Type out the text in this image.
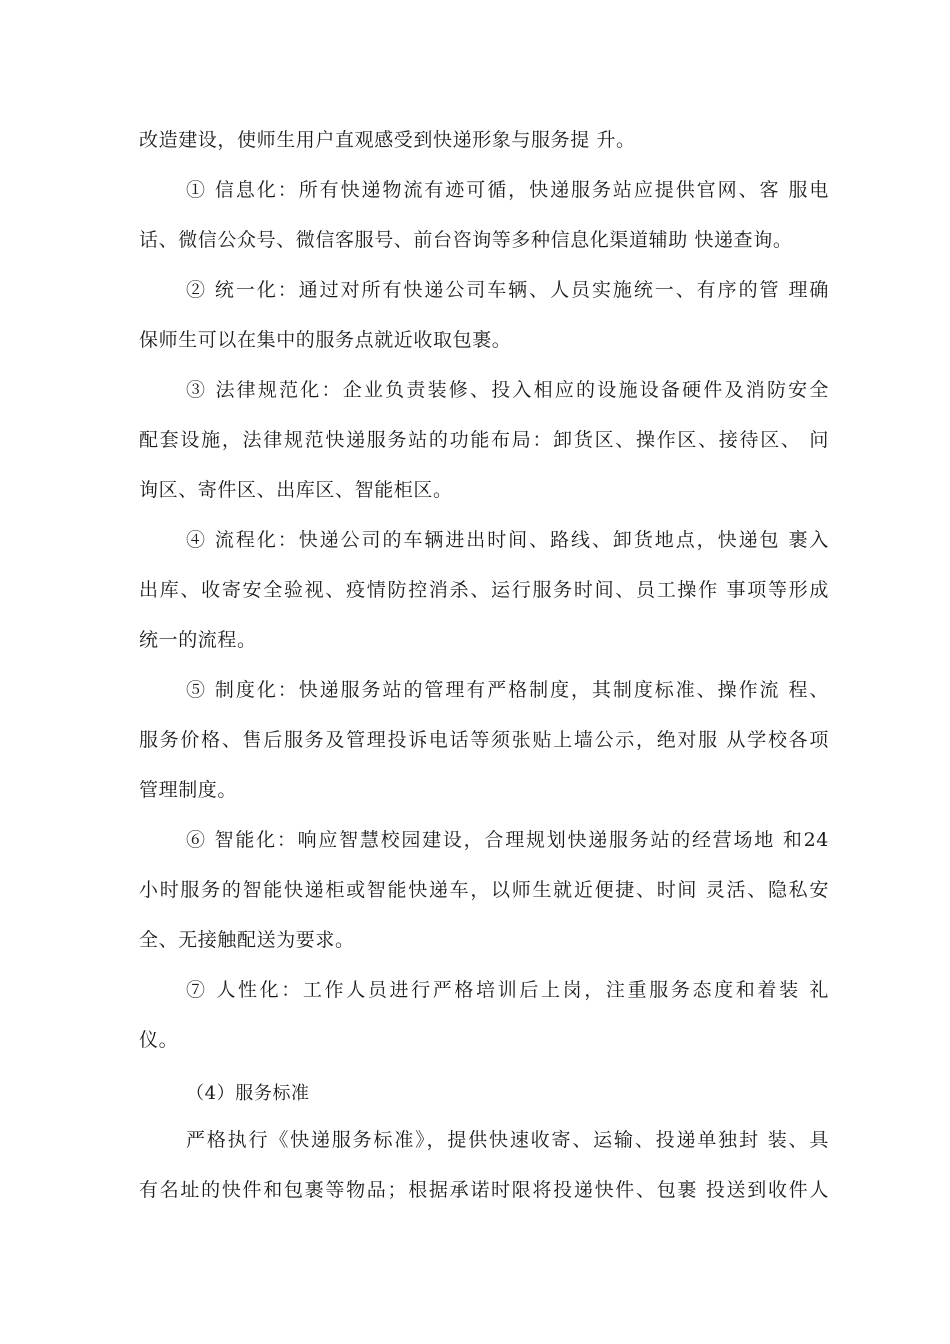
改造建设，使师生用户直观感受到快递形象与服务提 升。
① 信息化：所有快递物流有迹可循，快递服务站应提供官网、客 服电
话、微信公众号、微信客服号、前台咨询等多种信息化渠道辅助 快递查询。
② 统一化：通过对所有快递公司车辆、人员实施统一、有序的管 理确
保师生可以在集中的服务点就近收取包裹。
③ 法律规范化：企业负责装修、投入相应的设施设备硬件及消防安全
配套设施，法律规范快递服务站的功能布局：卸货区、操作区、接待区、 问
询区、寄件区、出库区、智能柜区。
④ 流程化：快递公司的车辆进出时间、路线、卸货地点，快递包 裹入
出库、收寄安全验视、疫情防控消杀、运行服务时间、员工操作 事项等形成
统一的流程。
⑤ 制度化：快递服务站的管理有严格制度，其制度标准、操作流 程、
服务价格、售后服务及管理投诉电话等须张贴上墙公示，绝对服 从学校各项
管理制度。
⑥ 智能化：响应智慧校园建设，合理规划快递服务站的经营场地 和24
小时服务的智能快递柜或智能快递车，以师生就近便捷、时间 灵活、隐私安
全、无接触配送为要求。
⑦ 人性化：工作人员进行严格培训后上岗，注重服务态度和着装 礼
仪。
（4）服务标准
严格执行《快递服务标准》，提供快速收寄、运输、投递单独封 装、具
有名址的快件和包裹等物品；根据承诺时限将投递快件、包裹 投送到收件人
